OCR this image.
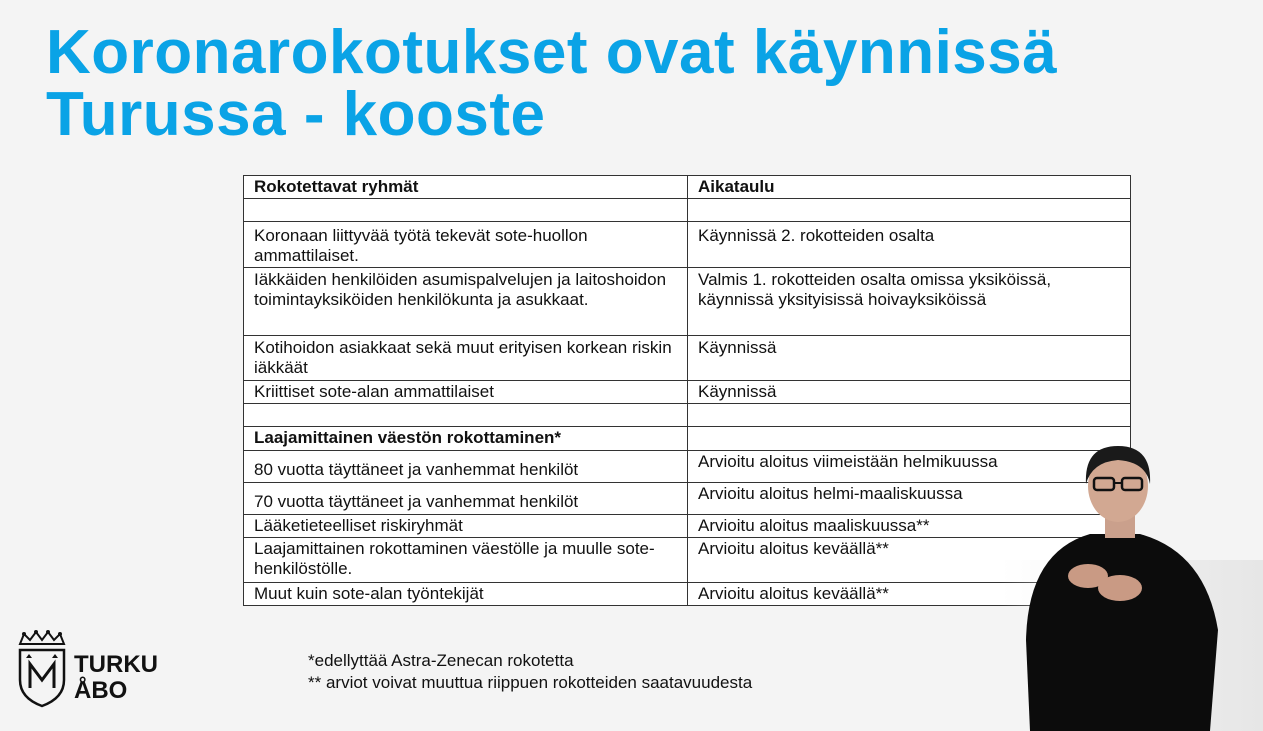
Koronarokotukset ovat käynnissä
Turussa - kooste
Rokotettavat ryhmät	Aikataulu

Koronaan liittyvää työtä tekevät sote-huollon ammattilaiset.	Käynnissä 2. rokotteiden osalta
Iäkkäiden henkilöiden asumispalvelujen ja laitoshoidon toimintayksiköiden henkilökunta ja asukkaat.	Valmis 1. rokotteiden osalta omissa yksiköissä, käynnissä yksityisissä hoivayksiköissä
Kotihoidon asiakkaat sekä muut erityisen korkean riskin iäkkäät	Käynnissä
Kriittiset sote-alan ammattilaiset	Käynnissä

Laajamittainen väestön rokottaminen*	
80 vuotta täyttäneet ja vanhemmat henkilöt	Arvioitu aloitus viimeistään helmikuussa
70 vuotta täyttäneet ja vanhemmat henkilöt	Arvioitu aloitus helmi-maaliskuussa
Lääketieteelliset riskiryhmät	Arvioitu aloitus maaliskuussa**
Laajamittainen rokottaminen väestölle ja muulle sote-henkilöstölle.	Arvioitu aloitus keväällä**
Muut kuin sote-alan työntekijät	Arvioitu aloitus keväällä**
*edellyttää Astra-Zenecan rokotetta
** arviot voivat muuttua riippuen rokotteiden saatavuudesta
TURKU
ÅBO
